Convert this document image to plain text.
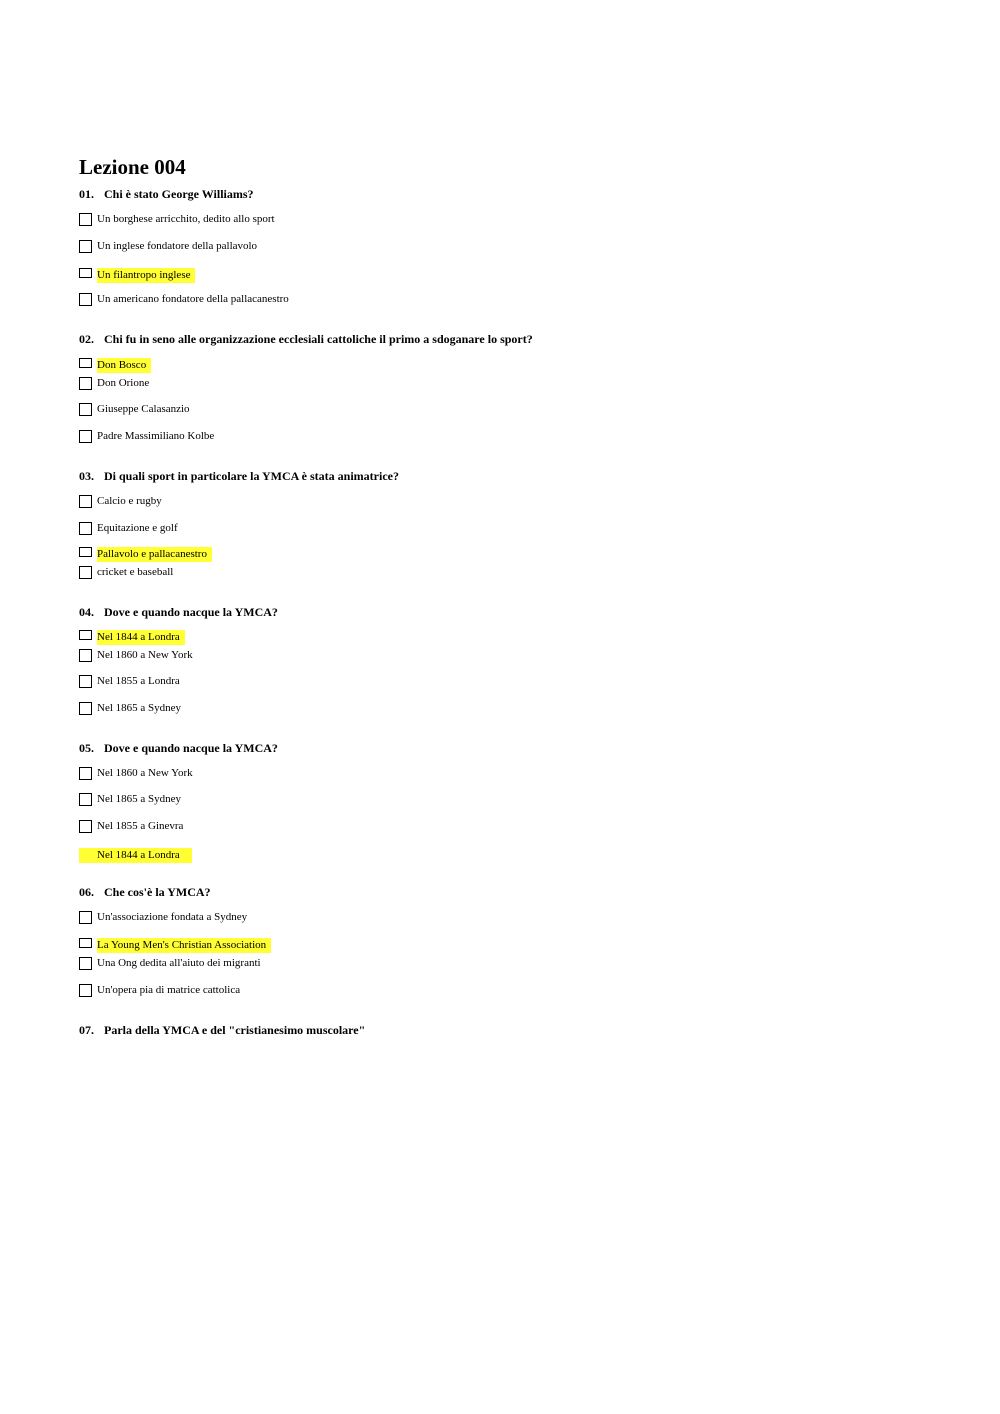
Lezione 004
01. Chi è stato George Williams?
Un borghese arricchito, dedito allo sport
Un inglese fondatore della pallavolo
Un filantropo inglese
Un americano fondatore della pallacanestro
02. Chi fu in seno alle organizzazione ecclesiali cattoliche il primo a sdoganare lo sport?
Don Bosco
Don Orione
Giuseppe Calasanzio
Padre Massimiliano Kolbe
03. Di quali sport in particolare la YMCA è stata animatrice?
Calcio e rugby
Equitazione e golf
Pallavolo e pallacanestro
cricket e baseball
04. Dove e quando nacque la YMCA?
Nel 1844 a Londra
Nel 1860 a New York
Nel 1855 a Londra
Nel 1865 a Sydney
05. Dove e quando nacque la YMCA?
Nel 1860 a New York
Nel 1865 a Sydney
Nel 1855 a Ginevra
Nel 1844 a Londra
06. Che cos'è la YMCA?
Un'associazione fondata a Sydney
La Young Men's Christian Association
Una Ong dedita all'aiuto dei migranti
Un'opera pia di matrice cattolica
07. Parla della YMCA e del "cristianesimo muscolare"
